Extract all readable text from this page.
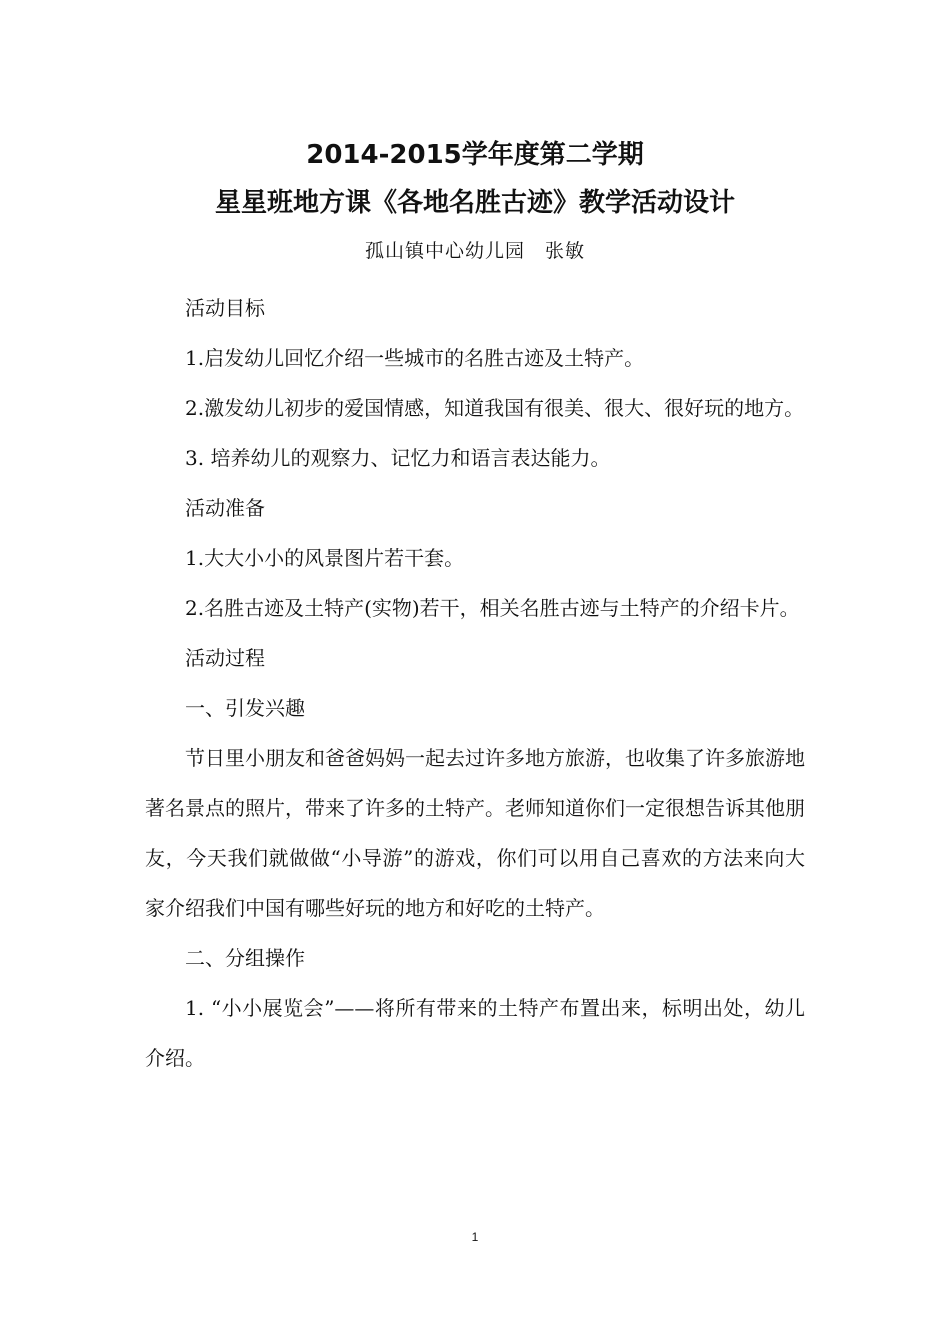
2014-2015学年度第二学期
星星班地方课《各地名胜古迹》教学活动设计
孤山镇中心幼儿园　张敏

活动目标

1.启发幼儿回忆介绍一些城市的名胜古迹及土特产。

2.激发幼儿初步的爱国情感，知道我国有很美、很大、很好玩的地方。

3. 培养幼儿的观察力、记忆力和语言表达能力。

活动准备

1.大大小小的风景图片若干套。

2.名胜古迹及土特产(实物)若干，相关名胜古迹与土特产的介绍卡片。

活动过程

一、引发兴趣

节日里小朋友和爸爸妈妈一起去过许多地方旅游，也收集了许多旅游地著名景点的照片，带来了许多的土特产。老师知道你们一定很想告诉其他朋友，今天我们就做做“小导游”的游戏，你们可以用自己喜欢的方法来向大家介绍我们中国有哪些好玩的地方和好吃的土特产。

二、分组操作

1. “小小展览会”——将所有带来的土特产布置出来，标明出处，幼儿介绍。

1
